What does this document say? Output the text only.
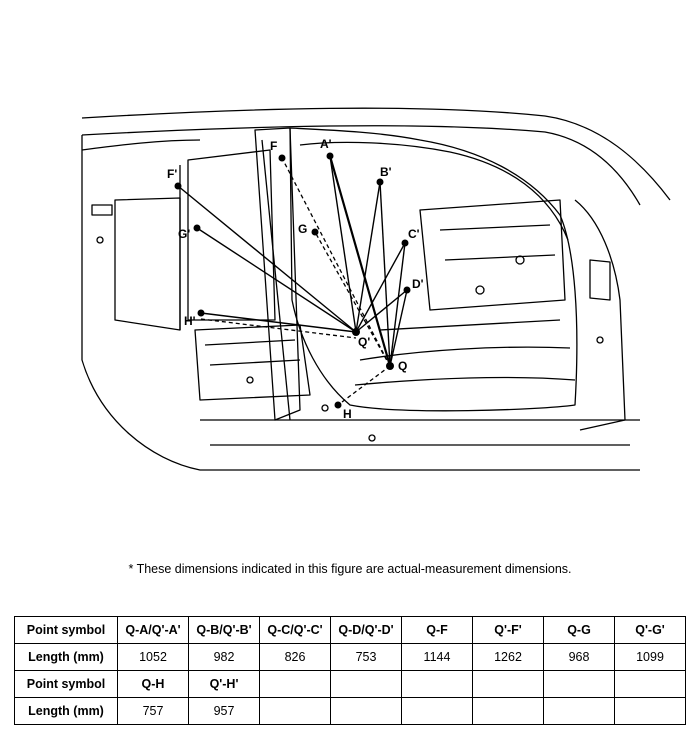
A'
B'
C'
D'
F
F'
G
G'
H'
H
Q'
Q
* These dimensions indicated in this figure are actual-measurement dimensions.
Point symbol	Q-A/Q'-A'	Q-B/Q'-B'	Q-C/Q'-C'	Q-D/Q'-D'	Q-F	Q'-F'	Q-G	Q'-G'
Length (mm)	1052	982	826	753	1144	1262	968	1099
Point symbol	Q-H	Q'-H'						
Length (mm)	757	957						
